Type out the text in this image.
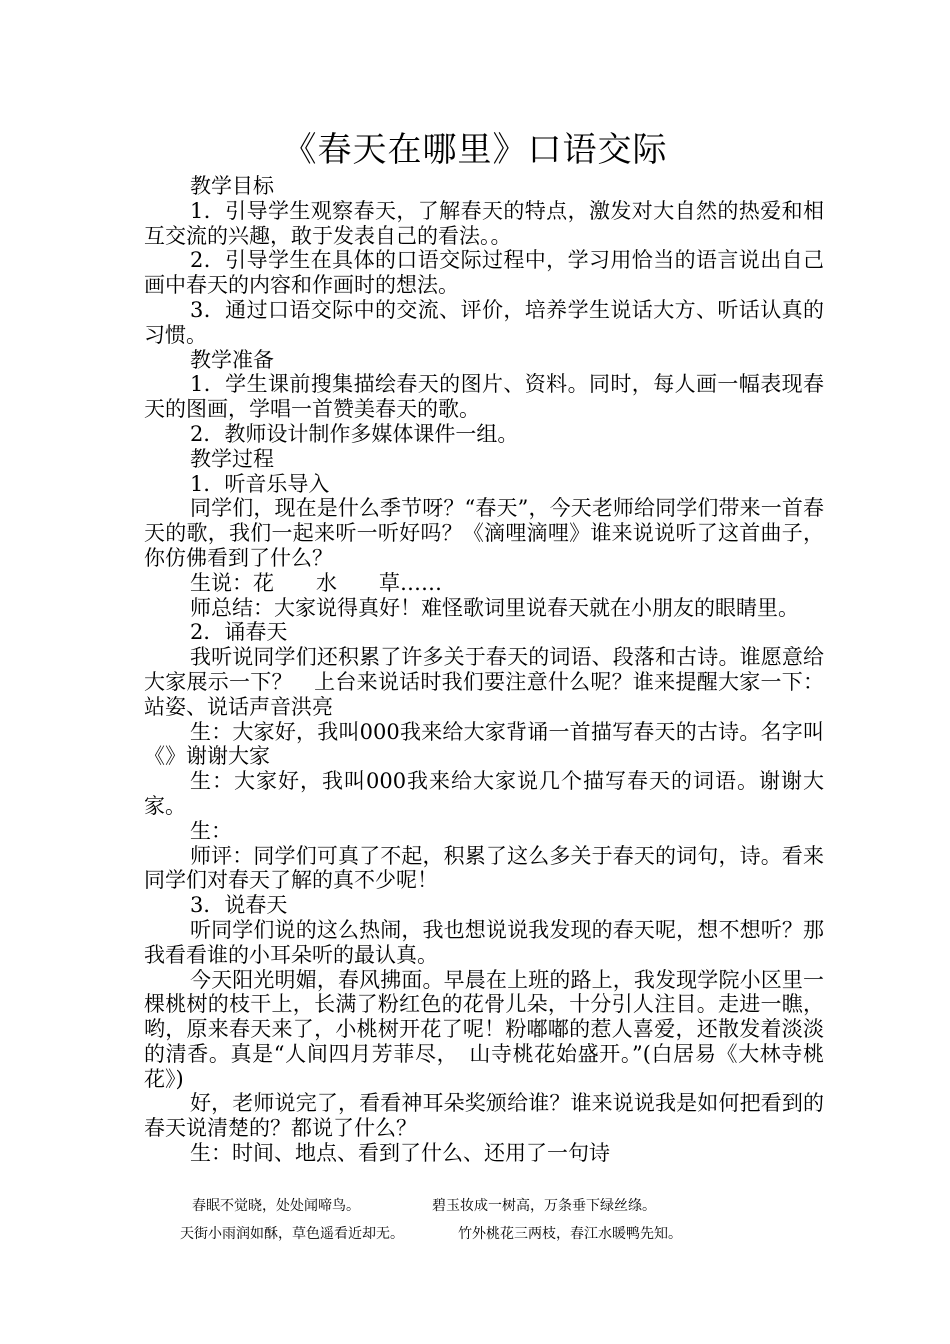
《春天在哪里》口语交际

教学目标

1．引导学生观察春天，了解春天的特点，激发对大自然的热爱和相互交流的兴趣，敢于发表自己的看法。。

2．引导学生在具体的口语交际过程中，学习用恰当的语言说出自己画中春天的内容和作画时的想法。

3．通过口语交际中的交流、评价，培养学生说话大方、听话认真的习惯。

教学准备

1．学生课前搜集描绘春天的图片、资料。同时，每人画一幅表现春天的图画，学唱一首赞美春天的歌。

2．教师设计制作多媒体课件一组。

教学过程

1．听音乐导入

同学们，现在是什么季节呀？“春天”，今天老师给同学们带来一首春天的歌，我们一起来听一听好吗？《滴哩滴哩》谁来说说听了这首曲子，你仿佛看到了什么？

生说：花　　水　　草……

师总结：大家说得真好！难怪歌词里说春天就在小朋友的眼睛里。

2．诵春天

我听说同学们还积累了许多关于春天的词语、段落和古诗。谁愿意给大家展示一下？　上台来说话时我们要注意什么呢？谁来提醒大家一下：站姿、说话声音洪亮

生：大家好，我叫000我来给大家背诵一首描写春天的古诗。名字叫《》谢谢大家

生：大家好，我叫000我来给大家说几个描写春天的词语。谢谢大家。

生：

师评：同学们可真了不起，积累了这么多关于春天的词句，诗。看来同学们对春天了解的真不少呢！

3．说春天

听同学们说的这么热闹，我也想说说我发现的春天呢，想不想听？那我看看谁的小耳朵听的最认真。

今天阳光明媚，春风拂面。早晨在上班的路上，我发现学院小区里一棵桃树的枝干上，长满了粉红色的花骨儿朵，十分引人注目。走进一瞧，哟，原来春天来了，小桃树开花了呢！粉嘟嘟的惹人喜爱，还散发着淡淡的清香。真是“人间四月芳菲尽，　山寺桃花始盛开。”(白居易《大林寺桃花》)

好，老师说完了，看看神耳朵奖颁给谁？谁来说说我是如何把看到的春天说清楚的？都说了什么？

生：时间、地点、看到了什么、还用了一句诗

春眠不觉晓，处处闻啼鸟。	碧玉妆成一树高，万条垂下绿丝绦。
天街小雨润如酥，草色遥看近却无。	竹外桃花三两枝，春江水暖鸭先知。
